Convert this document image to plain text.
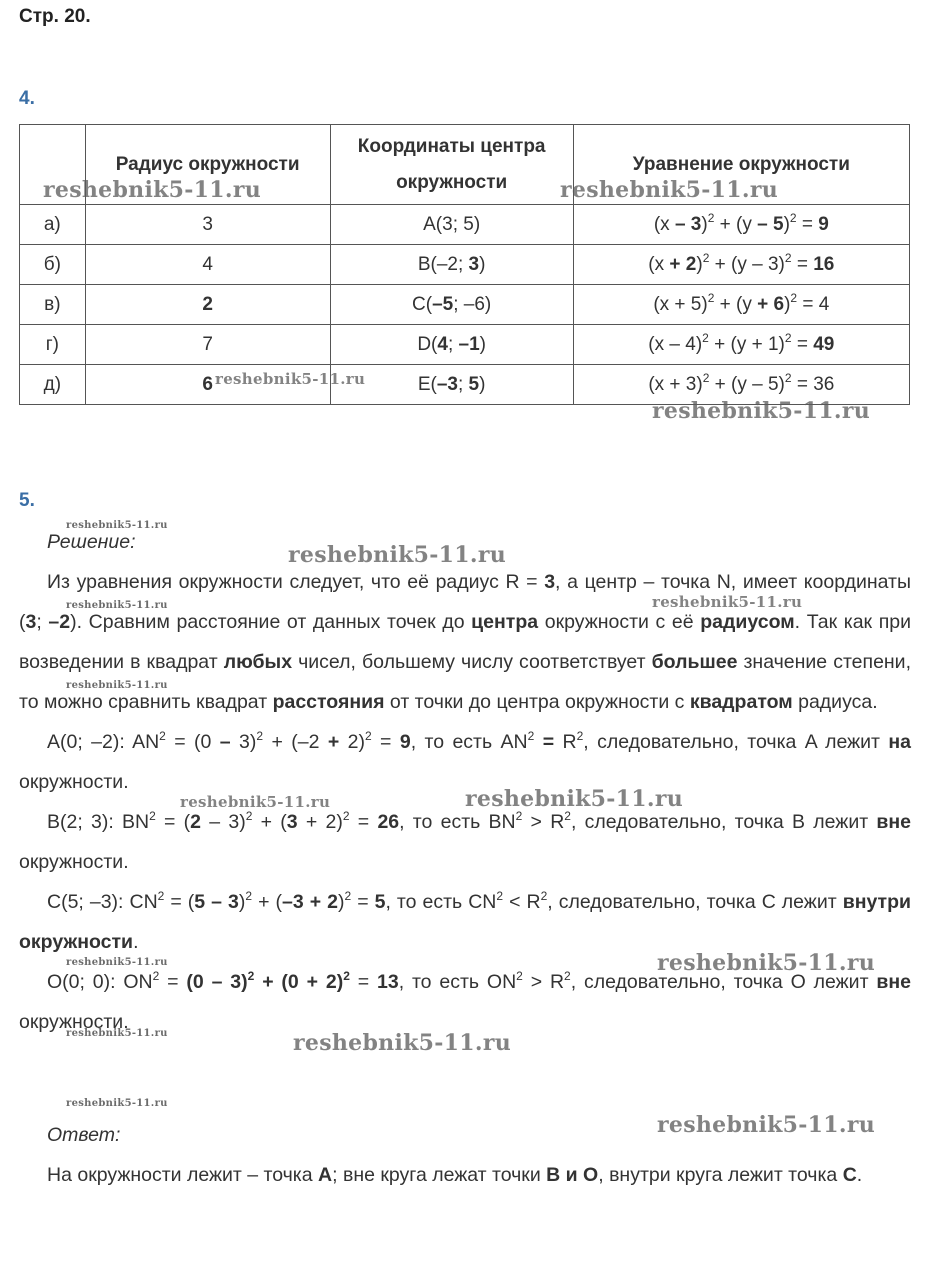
Стр. 20.
4.
	Радиус окружности	Координаты центра окружности	Уравнение окружности
а)	3	A(3; 5)	(x – 3)$^2$ + (y – 5)$^2$ = 9
б)	4	B(–2; 3)	$(x + 2)^2 + (y - 3)^2 = 16$
в)	2	C(–5; –6)	$(x + 5)^2 + (y + 6)^2 = 4$
г)	7	D(4; –1)	$(x - 4)^2 + (y + 1)^2 = 49$
д)	6	E(–3; 5)	$(x + 3)^2 + (y - 5)^2 = 36$
5.

Решение:

Из уравнения окружности следует, что её радиус R = 3, а центр – точка N, имеет координаты (3; –2). Сравним расстояние от данных точек до центра окружности с её радиусом. Так как при возведении в квадрат любых чисел, большему числу соответствует большее значение степени, то можно сравнить квадрат расстояния от точки до центра окружности с квадратом радиуса.

A(0; –2): $AN^2 = (0 - 3)^2 + (-2 + 2)^2 = 9$, то есть $AN^2 = R^2$, следовательно, точка A лежит на окружности.

B(2; 3): $BN^2 = (2 - 3)^2 + (3 + 2)^2 = 26$, то есть $BN^2 > R^2$, следовательно, точка B лежит вне окружности.

C(5; –3): $CN^2 = (5 - 3)^2 + (-3 + 2)^2 = 5$, то есть $CN^2 < R^2$, следовательно, точка C лежит внутри окружности.

O(0; 0): $ON^2 = (0 - 3)^2 + (0 + 2)^2 = 13$, то есть $ON^2 > R^2$, следовательно, точка O лежит вне окружности.

Ответ:

На окружности лежит – точка A; вне круга лежат точки B и O, внутри круга лежит точка C.

reshebnik5-11.ru	reshebnik5-11.ru
reshebnik5-11.ru
reshebnik5-11.ru
reshebnik5-11.ru
reshebnik5-11.ru
reshebnik5-11.ru	reshebnik5-11.ru
reshebnik5-11.ru
reshebnik5-11.ru	reshebnik5-11.ru
reshebnik5-11.ru	reshebnik5-11.ru
reshebnik5-11.ru	reshebnik5-11.ru
reshebnik5-11.ru
reshebnik5-11.ru
